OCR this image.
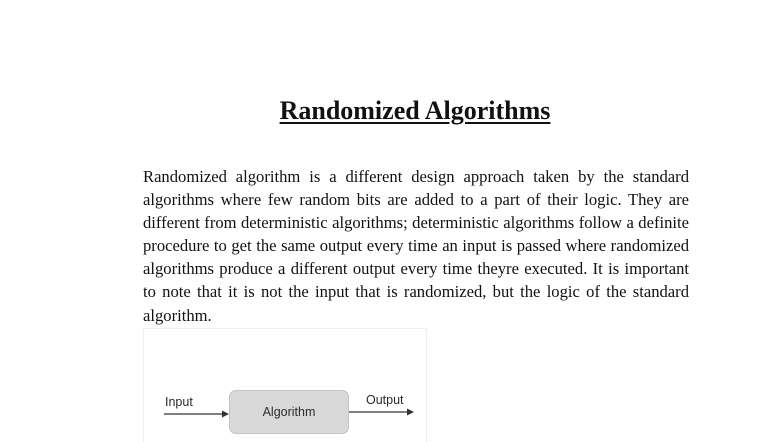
Randomized Algorithms

Randomized algorithm is a different design approach taken by the standard algorithms where few random bits are added to a part of their logic. They are different from deterministic algorithms; deterministic algorithms follow a definite procedure to get the same output every time an input is passed where randomized algorithms produce a different output every time theyre executed. It is important to note that it is not the input that is randomized, but the logic of the standard algorithm.

Input
Algorithm
Output
